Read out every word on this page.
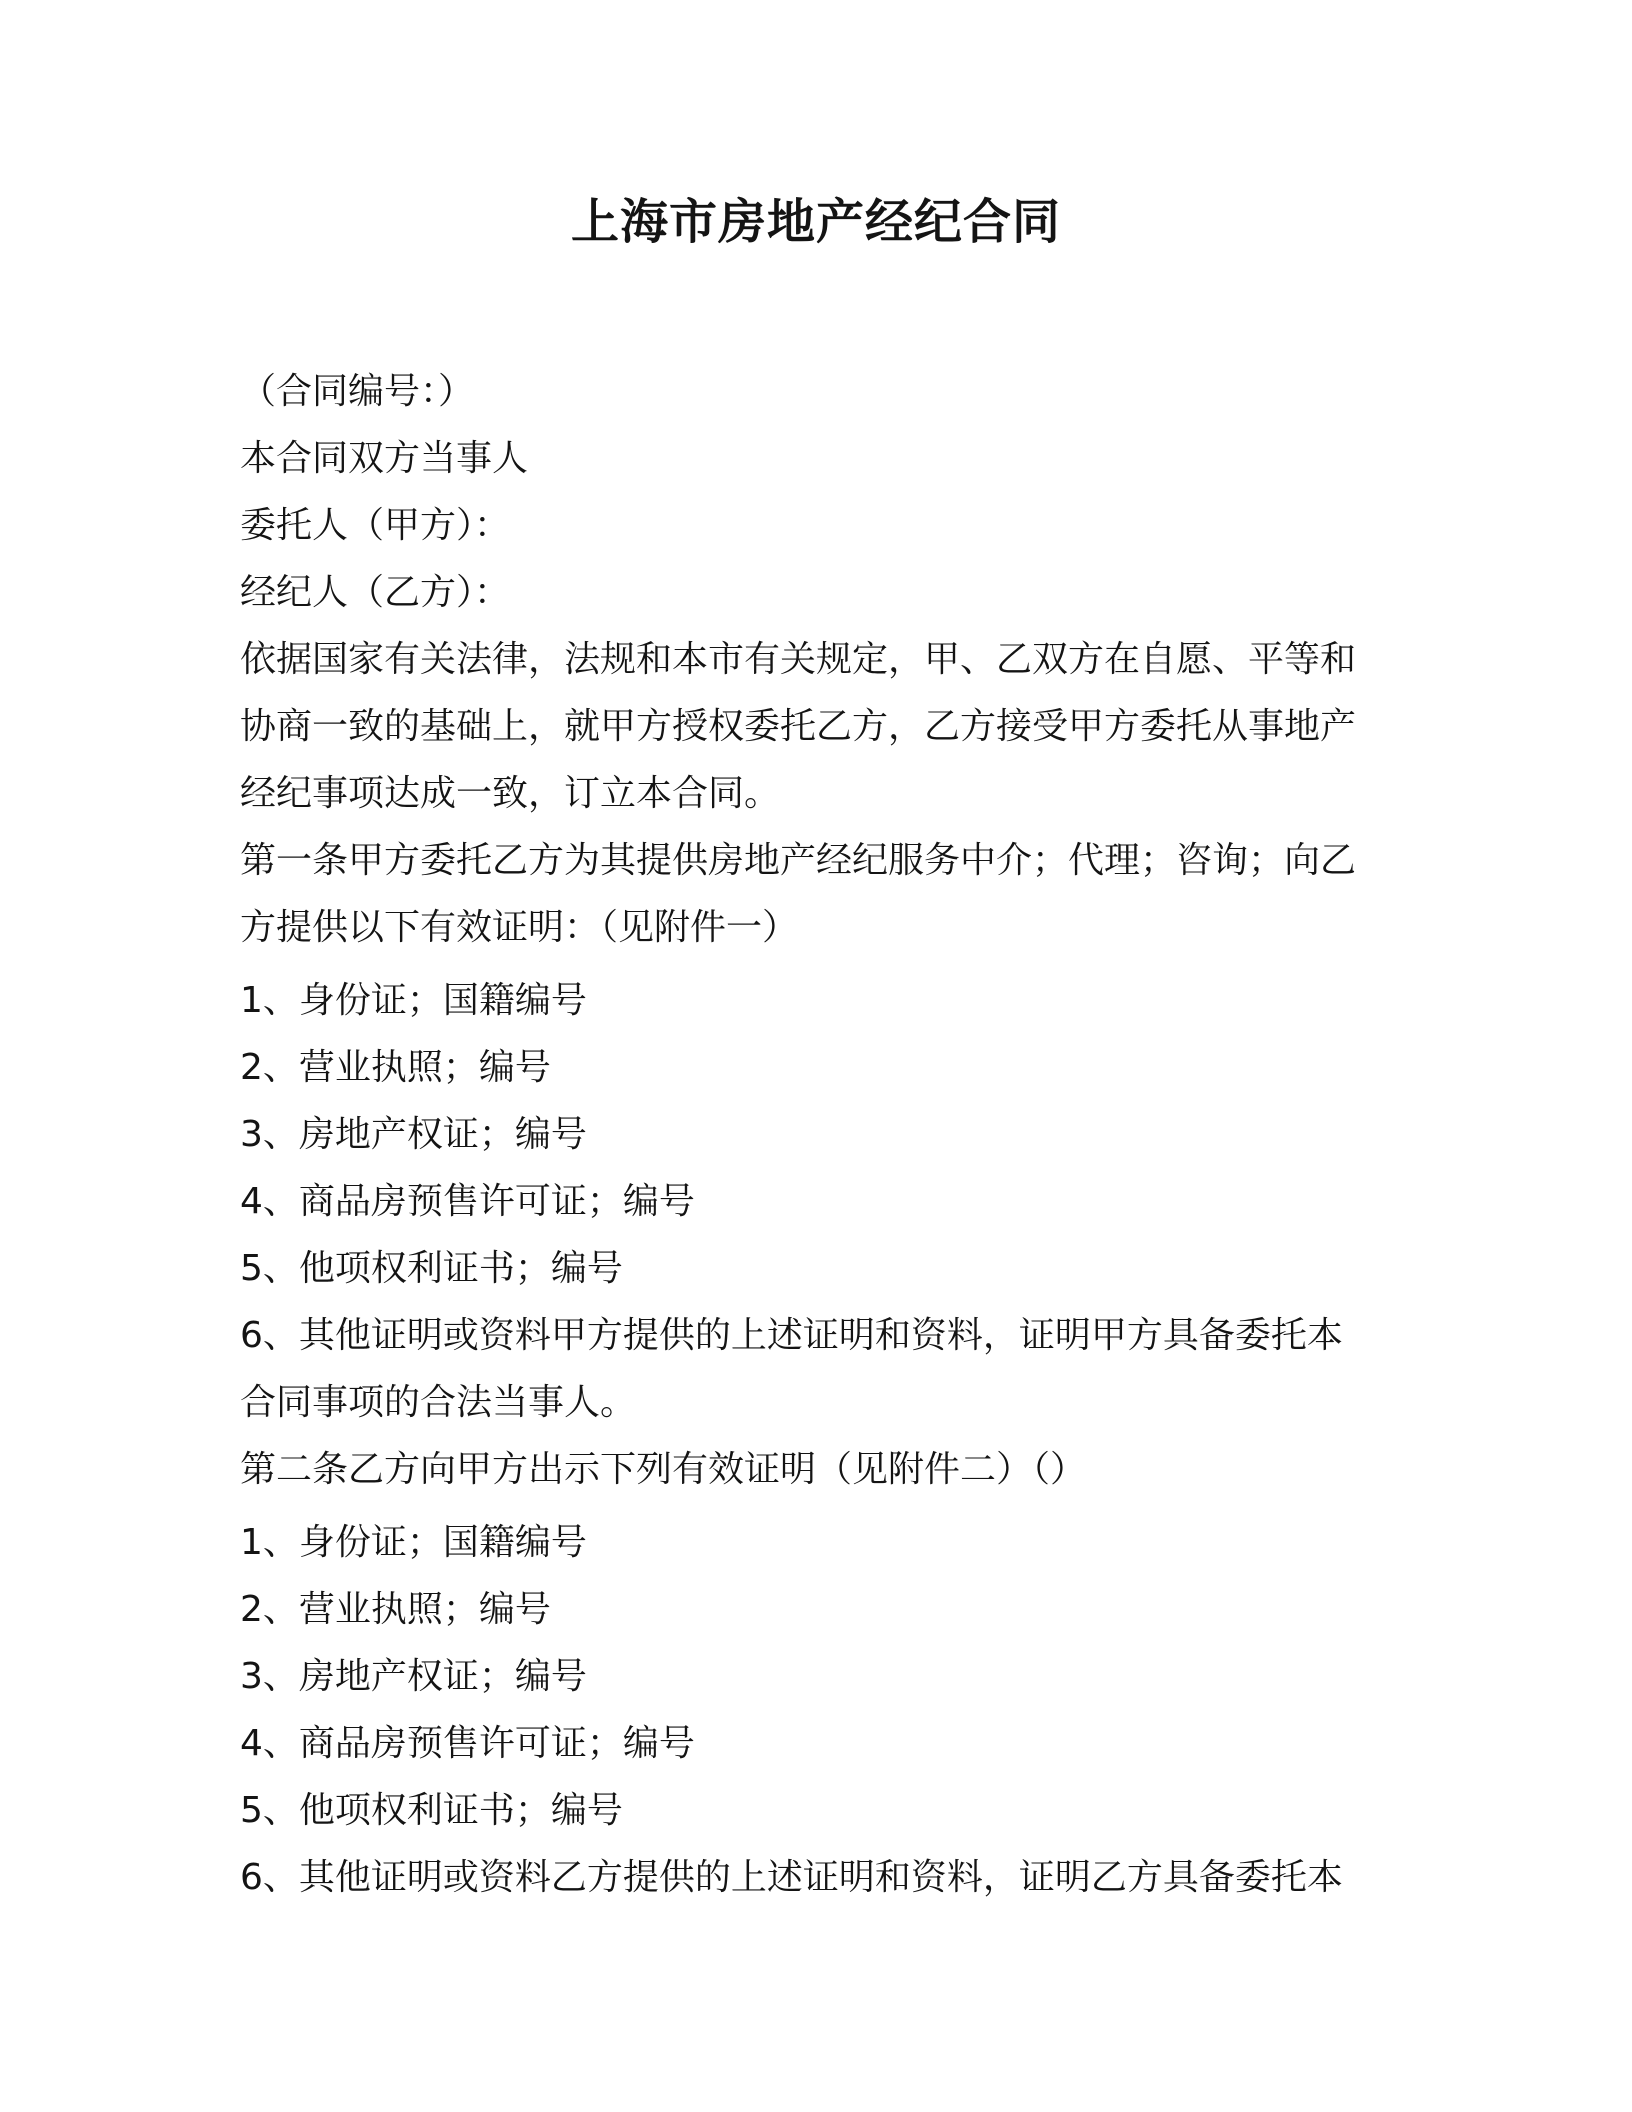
上海市房地产经纪合同
（合同编号：）
本合同双方当事人
委托人（甲方）：
经纪人（乙方）：
依据国家有关法律，法规和本市有关规定，甲、乙双方在自愿、平等和
协商一致的基础上，就甲方授权委托乙方，乙方接受甲方委托从事地产
经纪事项达成一致，订立本合同。
第一条甲方委托乙方为其提供房地产经纪服务中介；代理；咨询；向乙
方提供以下有效证明：（见附件一）
1、身份证；国籍编号
2、营业执照；编号
3、房地产权证；编号
4、商品房预售许可证；编号
5、他项权利证书；编号
6、其他证明或资料甲方提供的上述证明和资料，证明甲方具备委托本
合同事项的合法当事人。
第二条乙方向甲方出示下列有效证明（见附件二）（）
1、身份证；国籍编号
2、营业执照；编号
3、房地产权证；编号
4、商品房预售许可证；编号
5、他项权利证书；编号
6、其他证明或资料乙方提供的上述证明和资料，证明乙方具备委托本
